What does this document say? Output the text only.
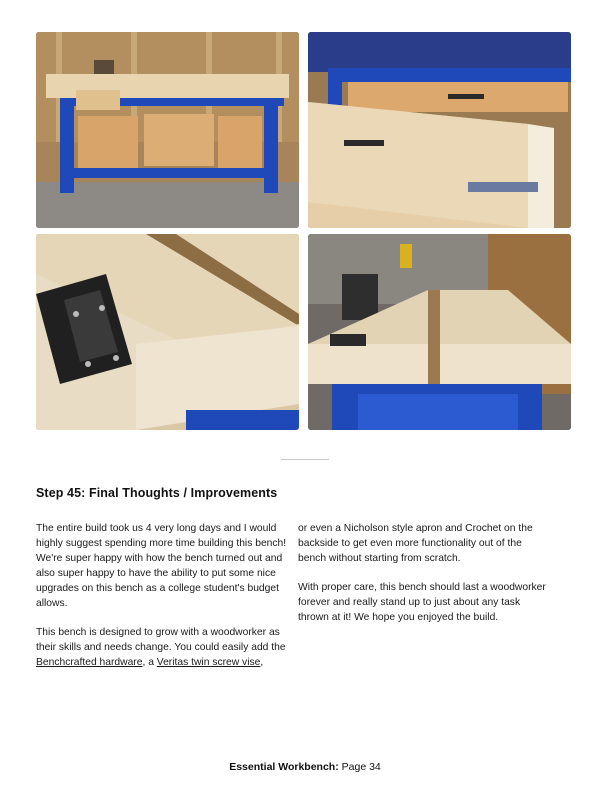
Step 45: Final Thoughts / Improvements

The entire build took us 4 very long days and I would highly suggest spending more time building this bench! We're super happy with how the bench turned out and also super happy to have the ability to put some nice upgrades on this bench as a college student's budget allows.

This bench is designed to grow with a woodworker as their skills and needs change. You could easily add the Benchcrafted hardware, a Veritas twin screw vise,

or even a Nicholson style apron and Crochet on the backside to get even more functionality out of the bench without starting from scratch.

With proper care, this bench should last a woodworker forever and really stand up to just about any task thrown at it! We hope you enjoyed the build.

Essential Workbench: Page 34
